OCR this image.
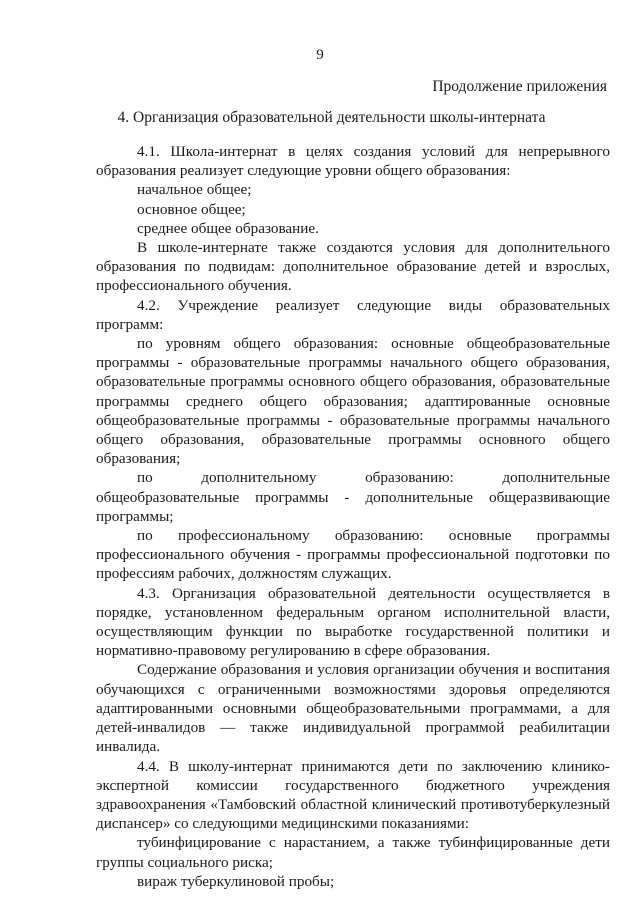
9
Продолжение приложения
4. Организация образовательной деятельности школы-интерната

4.1. Школа-интернат в целях создания условий для непрерывного образования реализует следующие уровни общего образования:

начальное общее;

основное общее;

среднее общее образование.

В школе-интернате также создаются условия для дополнительного образования по подвидам: дополнительное образование детей и взрослых, профессионального обучения.

4.2. Учреждение реализует следующие виды образовательных программ:

по уровням общего образования: основные общеобразовательные программы - образовательные программы начального общего образования, образовательные программы основного общего образования, образовательные программы среднего общего образования; адаптированные основные общеобразовательные программы - образовательные программы начального общего образования, образовательные программы основного общего образования;

по дополнительному образованию: дополнительные общеобразовательные программы - дополнительные общеразвивающие программы;

по профессиональному образованию: основные программы профессионального обучения - программы профессиональной подготовки по профессиям рабочих, должностям служащих.

4.3. Организация образовательной деятельности осуществляется в порядке, установленном федеральным органом исполнительной власти, осуществляющим функции по выработке государственной политики и нормативно-правовому регулированию в сфере образования.

Содержание образования и условия организации обучения и воспитания обучающихся с ограниченными возможностями здоровья определяются адаптированными основными общеобразовательными программами, а для детей-инвалидов — также индивидуальной программой реабилитации инвалида.

4.4. В школу-интернат принимаются дети по заключению клинико-экспертной комиссии государственного бюджетного учреждения здравоохранения «Тамбовский областной клинический противотуберкулезный диспансер» со следующими медицинскими показаниями:

тубинфицирование с нарастанием, а также тубинфицированные дети группы социального риска;

вираж туберкулиновой пробы;
